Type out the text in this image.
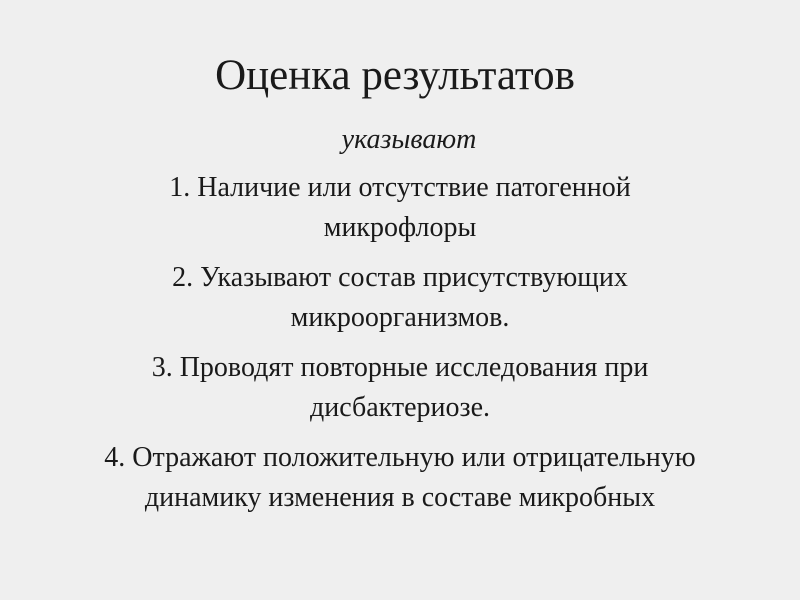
Оценка результатов
указывают
1. Наличие или отсутствие патогенной
микрофлоры
2. Указывают состав присутствующих
микроорганизмов.
3. Проводят повторные исследования при
дисбактериозе.
4. Отражают положительную или отрицательную
динамику изменения в составе микробных
